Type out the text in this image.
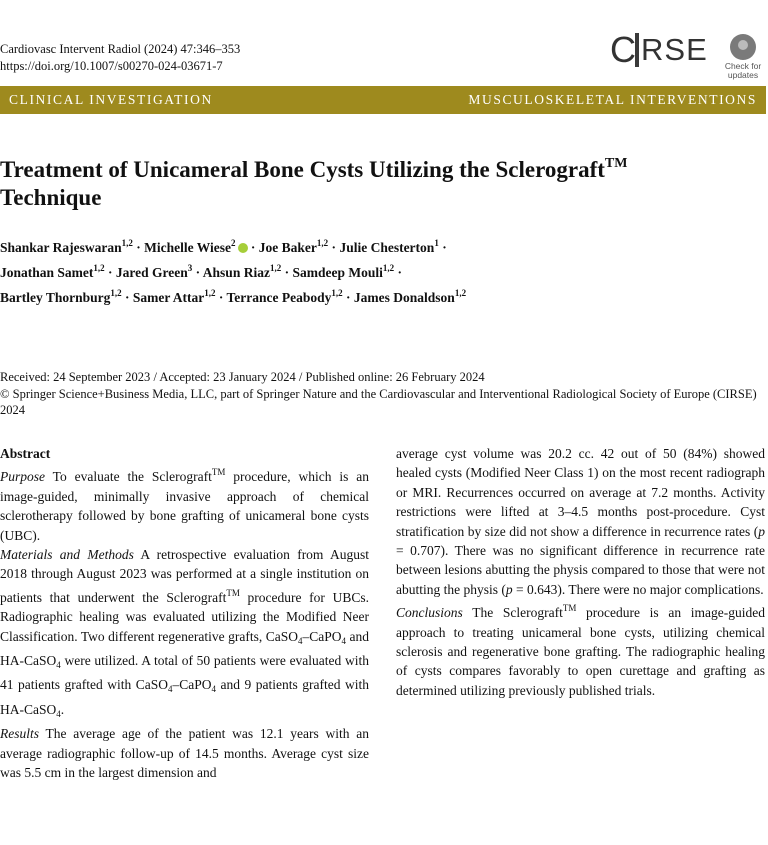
Cardiovasc Intervent Radiol (2024) 47:346–353
https://doi.org/10.1007/s00270-024-03671-7	C RSE	Check for
updates
CLINICAL INVESTIGATION	MUSCULOSKELETAL INTERVENTIONS
Treatment of Unicameral Bone Cysts Utilizing the Sclerograft™
Technique
Shankar Rajeswaran$^{1,2}$ · Michelle Wiese$^2$ · Joe Baker$^{1,2}$ · Julie Chesterton$^1$ ·
Jonathan Samet$^{1,2}$ · Jared Green$^3$ · Ahsun Riaz$^{1,2}$ · Samdeep Mouli$^{1,2}$ ·
Bartley Thornburg$^{1,2}$ · Samer Attar$^{1,2}$ · Terrance Peabody$^{1,2}$ · James Donaldson$^{1,2}$
Received: 24 September 2023 / Accepted: 23 January 2024 / Published online: 26 February 2024
© Springer Science+Business Media, LLC, part of Springer Nature and the Cardiovascular and Interventional Radiological Society of Europe (CIRSE) 2024

Abstract

Purpose To evaluate the Sclerograft™ procedure, which is an image-guided, minimally invasive approach of chemical sclerotherapy followed by bone grafting of unicameral bone cysts (UBC).

Materials and Methods A retrospective evaluation from August 2018 through August 2023 was performed at a single institution on patients that underwent the Sclerograft™ procedure for UBCs. Radiographic healing was evaluated utilizing the Modified Neer Classification. Two different regenerative grafts, CaSO$_4$–CaPO$_4$ and HA-CaSO$_4$ were utilized. A total of 50 patients were evaluated with 41 patients grafted with CaSO$_4$–CaPO$_4$ and 9 patients grafted with HA-CaSO$_4$.

Results The average age of the patient was 12.1 years with an average radiographic follow-up of 14.5 months. Average cyst size was 5.5 cm in the largest dimension and

average cyst volume was 20.2 cc. 42 out of 50 (84%) showed healed cysts (Modified Neer Class 1) on the most recent radiograph or MRI. Recurrences occurred on average at 7.2 months. Activity restrictions were lifted at 3–4.5 months post-procedure. Cyst stratification by size did not show a difference in recurrence rates (p = 0.707). There was no significant difference in recurrence rate between lesions abutting the physis compared to those that were not abutting the physis (p = 0.643). There were no major complications.

Conclusions The Sclerograft™ procedure is an image-guided approach to treating unicameral bone cysts, utilizing chemical sclerosis and regenerative bone grafting. The radiographic healing of cysts compares favorably to open curettage and grafting as determined utilizing previously published trials.
